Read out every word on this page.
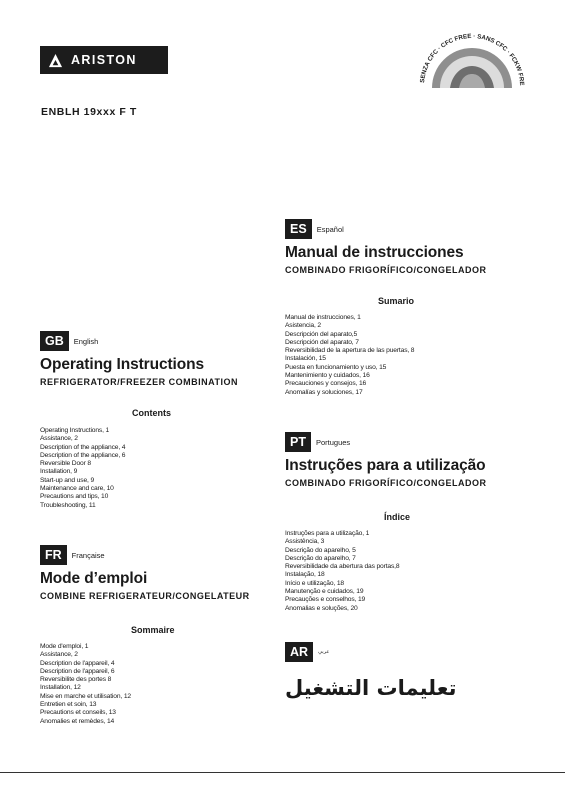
ARISTON
SENZA CFC · CFC FREE · SANS CFC · FCKW FRE
ENBLH 19xxx F T
GB	English
Operating Instructions
REFRIGERATOR/FREEZER COMBINATION
Contents
Operating Instructions, 1
Assistance, 2
Description of the appliance, 4
Description of the appliance, 6
Reversible Door 8
Installation, 9
Start-up and use, 9
Maintenance and care, 10
Precautions and tips, 10
Troubleshooting, 11
FR	Française
Mode d’emploi
COMBINE REFRIGERATEUR/CONGELATEUR
Sommaire
Mode d'emploi, 1
Assistance, 2
Description de l'appareil, 4
Description de l'appareil, 6
Reversibilite des portes 8
Installation, 12
Mise en marche et utilisation, 12
Entretien et soin, 13
Precautions et conseils, 13
Anomalies et remèdes, 14
ES	Español
Manual de instrucciones
COMBINADO FRIGORÍFICO/CONGELADOR
Sumario
Manual de instrucciones, 1
Asistencia, 2
Descripción del aparato,5
Descripción del aparato, 7
Reversibilidad de la apertura de las puertas, 8
Instalación, 15
Puesta en funcionamiento y uso, 15
Mantenimiento y cuidados, 16
Precauciones y consejos, 16
Anomalías y soluciones, 17
PT	Portugues
Instruções para a utilização
COMBINADO FRIGORÍFICO/CONGELADOR
Índice
Instruções para a utilização, 1
Assistência, 3
Descrição do aparelho, 5
Descrição do aparelho, 7
Reversibilidade da abertura das portas,8
Instalação, 18
Início e utilização, 18
Manutenção e cuidados, 19
Precauções e conselhos, 19
Anomalias e soluções, 20
AR	عربي
تعليمات التشغيل
